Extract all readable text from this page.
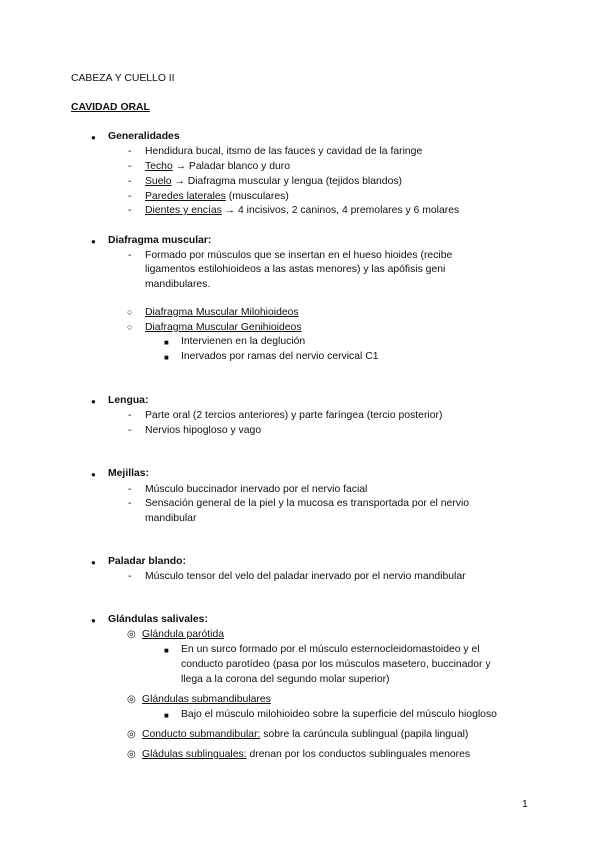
CABEZA Y CUELLO II
CAVIDAD ORAL
● Generalidades
- Hendidura bucal, itsmo de las fauces y cavidad de la faringe
- Techo → Paladar blanco y duro
- Suelo → Diafragma muscular y lengua (tejidos blandos)
- Paredes laterales (musculares)
- Dientes y encías → 4 incisivos, 2 caninos, 4 premolares y 6 molares
● Diafragma muscular:
- Formado por músculos que se insertan en el hueso hioides (recibe
ligamentos estilohioideos a las astas menores) y las apófisis geni
mandibulares.
○ Diafragma Muscular Milohioideos
○ Diafragma Muscular Genihioideos
■ Intervienen en la deglución
■ Inervados por ramas del nervio cervical C1
● Lengua:
- Parte oral (2 tercios anteriores) y parte faríngea (tercio posterior)
- Nervios hipogloso y vago
● Mejillas:
- Músculo buccinador inervado por el nervio facial
- Sensación general de la piel y la mucosa es transportada por el nervio
mandibular
● Paladar blando:
- Músculo tensor del velo del paladar inervado por el nervio mandibular
● Glándulas salivales:
◎ Glándula parótida
■ En un surco formado por el músculo esternocleidomastoideo y el
conducto parotídeo (pasa por los músculos masetero, buccinador y
llega a la corona del segundo molar superior)
◎ Glándulas submandibulares
■ Bajo el músculo milohioideo sobre la superficie del músculo hiogloso
◎ Conducto submandibular: sobre la carúncula sublingual (papila lingual)
◎ Gládulas sublinguales: drenan por los conductos sublinguales menores
1
